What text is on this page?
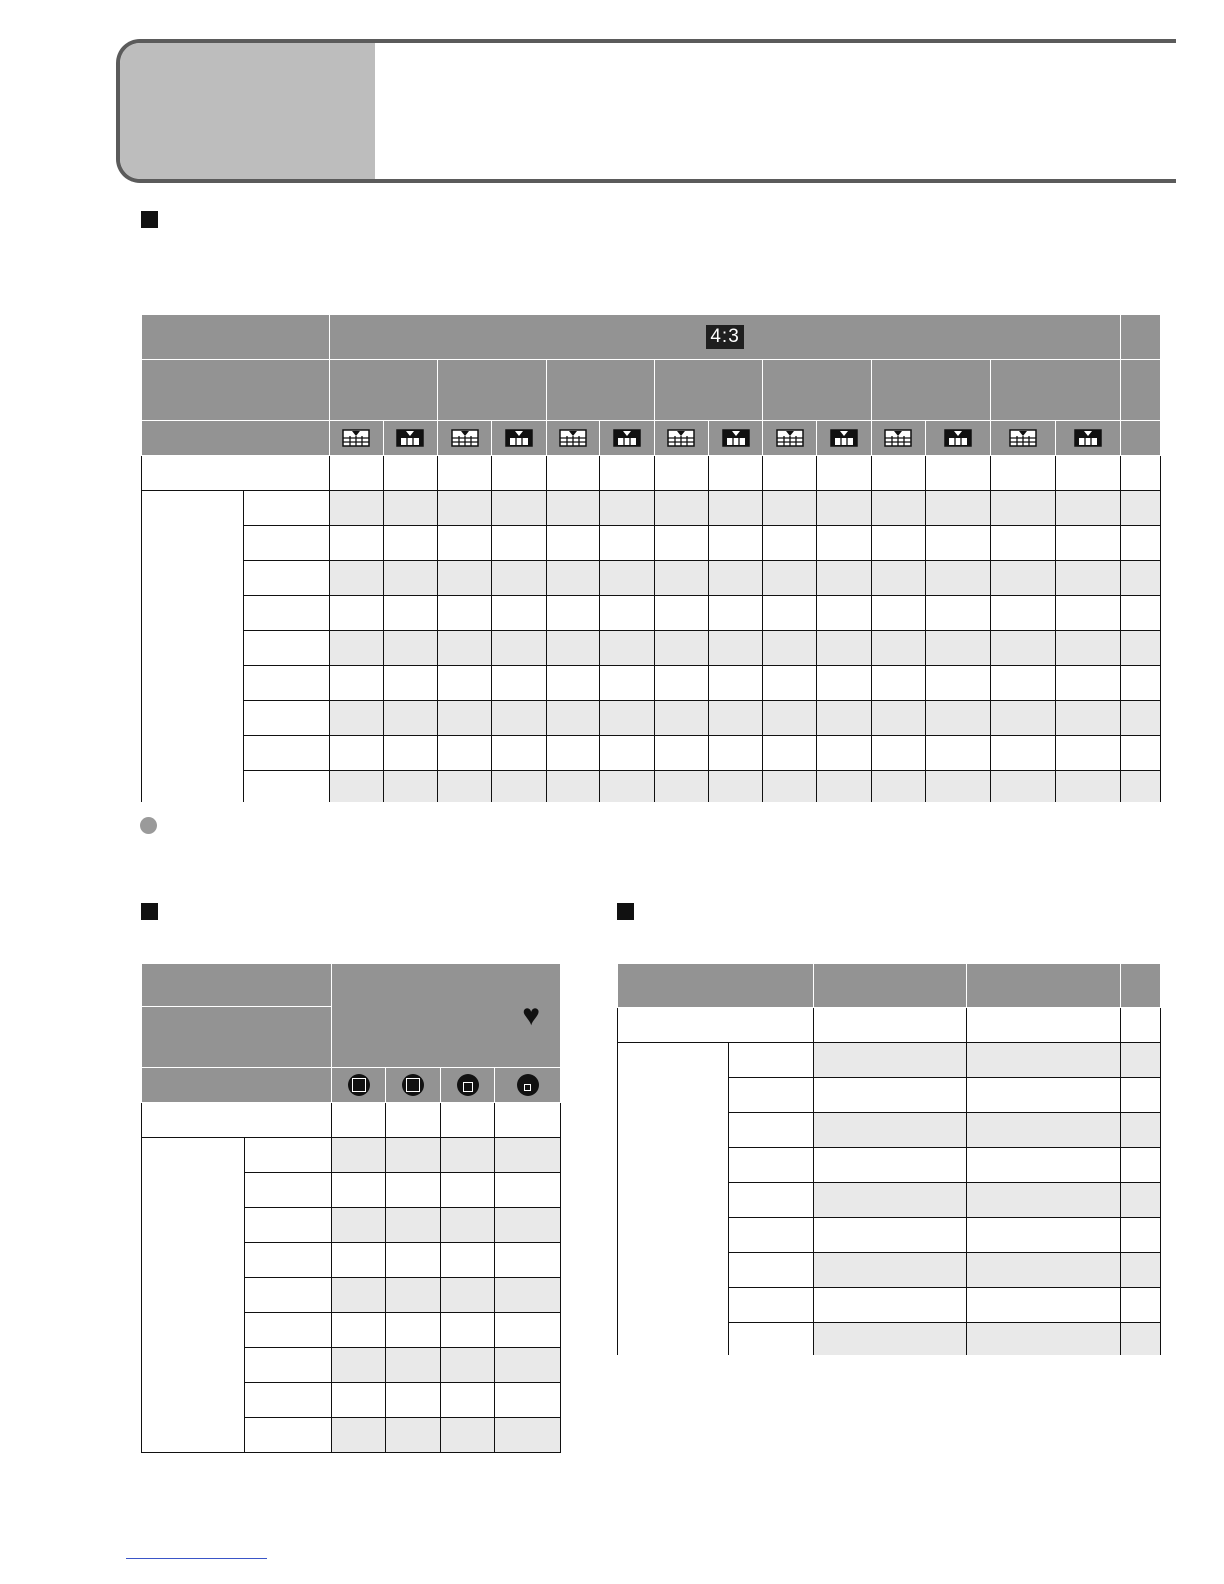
		4:3														

		♥			
